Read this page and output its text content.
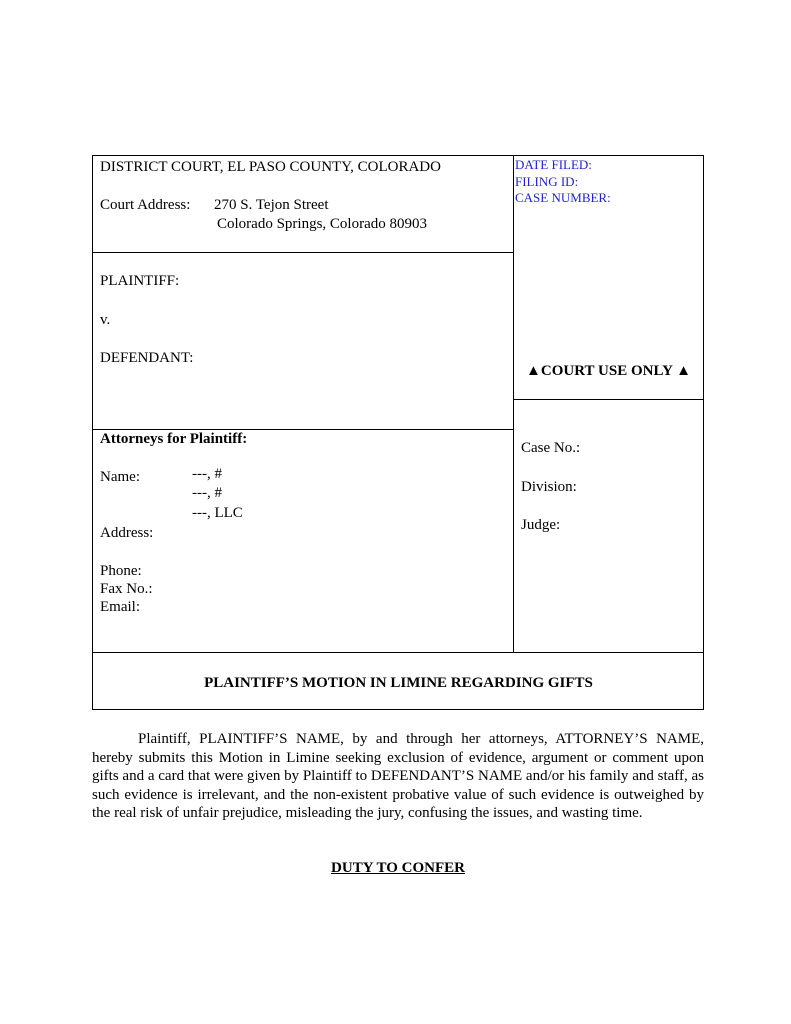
DISTRICT COURT, EL PASO COUNTY, COLORADO
Court Address: 270 S. Tejon Street
Colorado Springs, Colorado 80903
PLAINTIFF:
v.
DEFENDANT:
Attorneys for Plaintiff:
Name:	---, #
---, #
---, LLC
Address:
Phone:
Fax No.:
Email:
DATE FILED:
FILING ID:
CASE NUMBER:
▲COURT USE ONLY ▲
Case No.:
Division:
Judge:
PLAINTIFF’S MOTION IN LIMINE REGARDING GIFTS

Plaintiff, PLAINTIFF’S NAME, by and through her attorneys, ATTORNEY’S NAME, hereby submits this Motion in Limine seeking exclusion of evidence, argument or comment upon gifts and a card that were given by Plaintiff to DEFENDANT’S NAME and/or his family and staff, as such evidence is irrelevant, and the non-existent probative value of such evidence is outweighed by the real risk of unfair prejudice, misleading the jury, confusing the issues, and wasting time.

DUTY TO CONFER
